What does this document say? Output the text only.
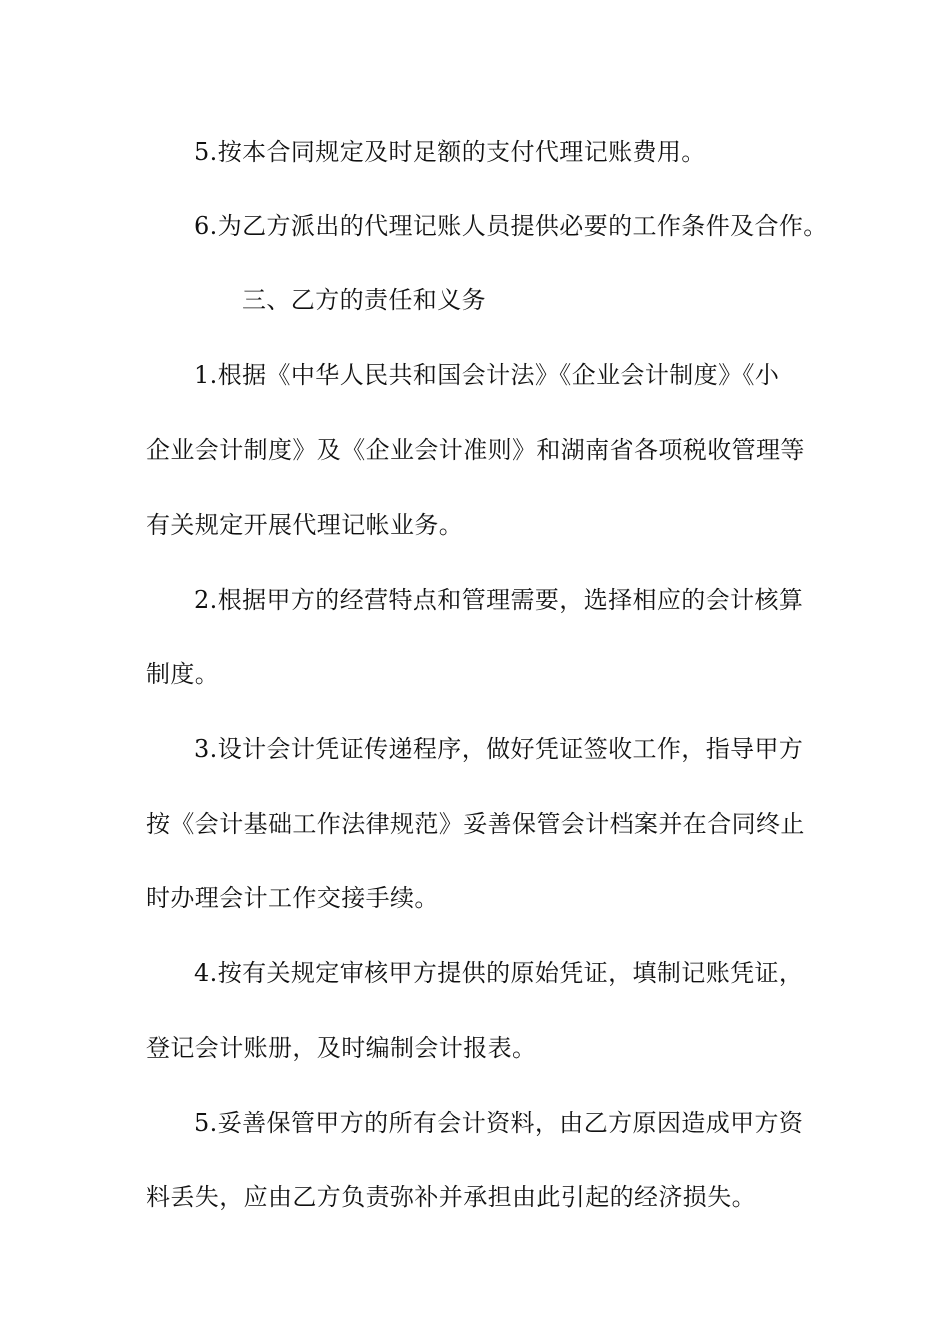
5.按本合同规定及时足额的支付代理记账费用。
6.为乙方派出的代理记账人员提供必要的工作条件及合作。
三、乙方的责任和义务
1.根据《中华人民共和国会计法》《企业会计制度》《小
企业会计制度》及《企业会计准则》和湖南省各项税收管理等
有关规定开展代理记帐业务。
2.根据甲方的经营特点和管理需要，选择相应的会计核算
制度。
3.设计会计凭证传递程序，做好凭证签收工作，指导甲方
按《会计基础工作法律规范》妥善保管会计档案并在合同终止
时办理会计工作交接手续。
4.按有关规定审核甲方提供的原始凭证，填制记账凭证，
登记会计账册，及时编制会计报表。
5.妥善保管甲方的所有会计资料，由乙方原因造成甲方资
料丢失，应由乙方负责弥补并承担由此引起的经济损失。
